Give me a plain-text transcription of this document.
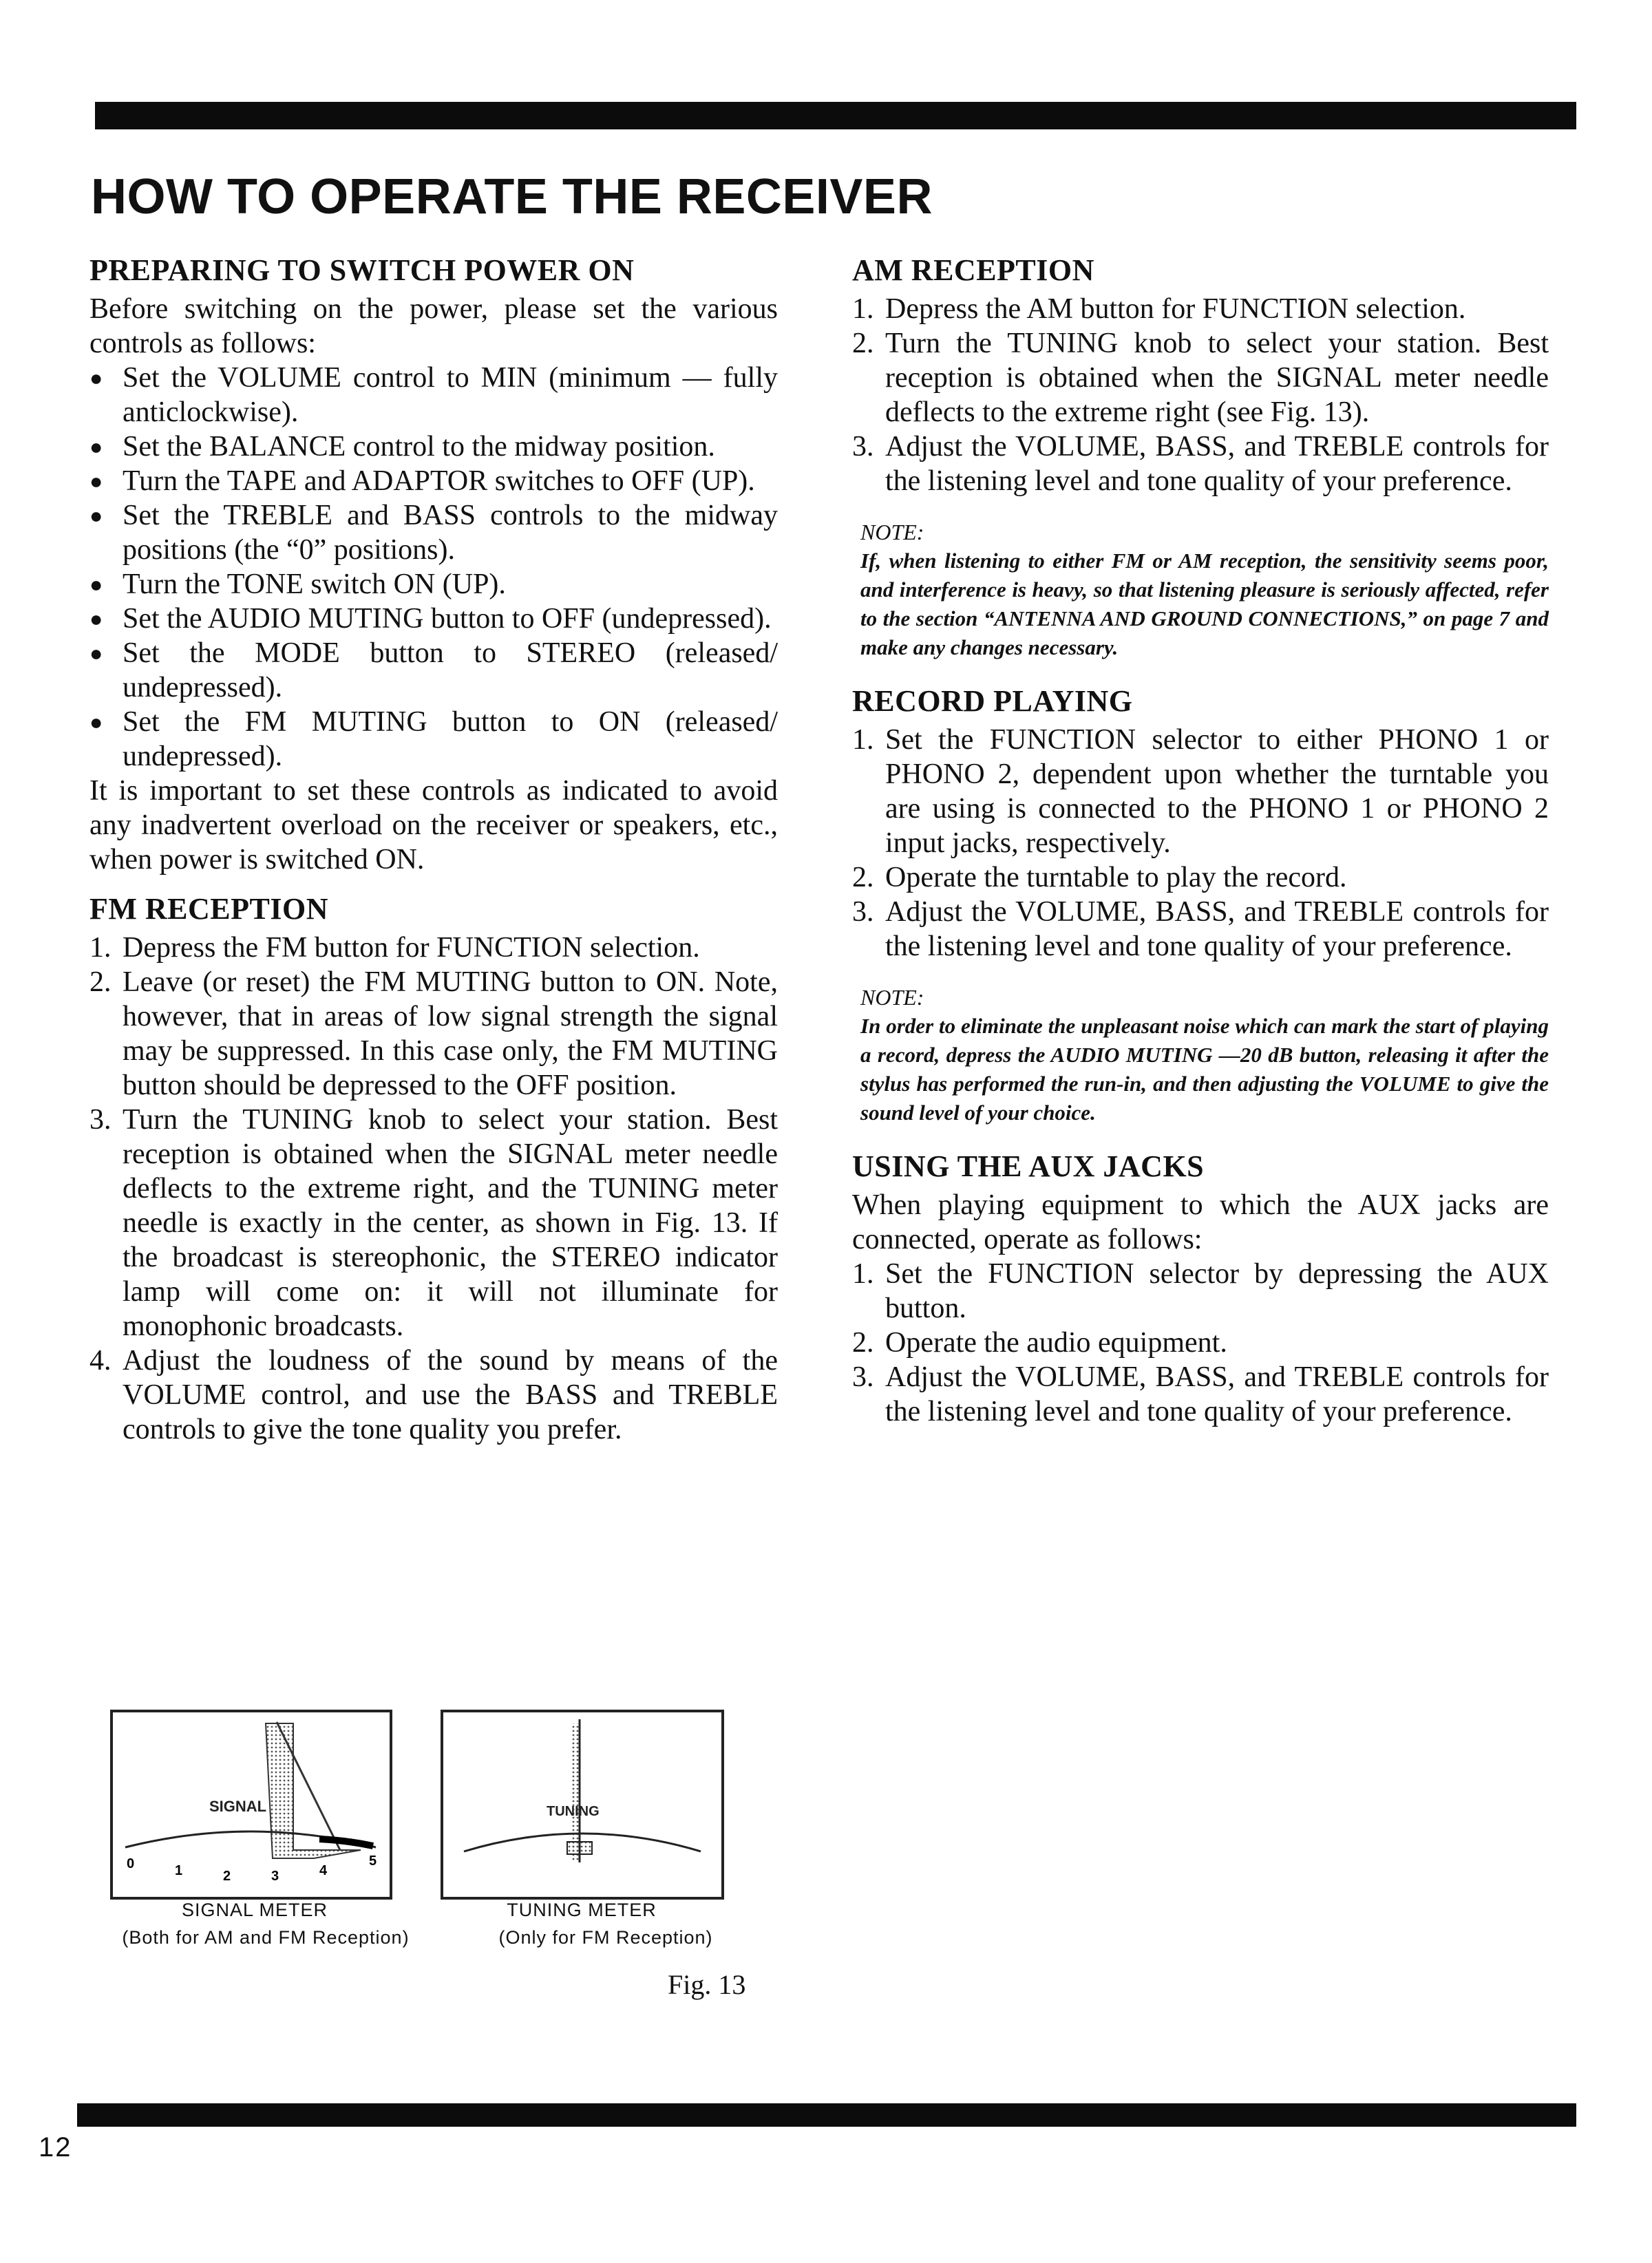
HOW TO OPERATE THE RECEIVER
PREPARING TO SWITCH POWER ON

Before switching on the power, please set the various controls as follows:

● Set the VOLUME control to MIN (minimum — fully anticlockwise).
● Set the BALANCE control to the midway position.
● Turn the TAPE and ADAPTOR switches to OFF (UP).
● Set the TREBLE and BASS controls to the midway positions (the “0” positions).
● Turn the TONE switch ON (UP).
● Set the AUDIO MUTING button to OFF (undepressed).
● Set the MODE button to STEREO (released/ undepressed).
● Set the FM MUTING button to ON (released/ undepressed).

It is important to set these controls as indicated to avoid any inadvertent overload on the receiver or speakers, etc., when power is switched ON.

FM RECEPTION
1. Depress the FM button for FUNCTION selection.
2. Leave (or reset) the FM MUTING button to ON. Note, however, that in areas of low signal strength the signal may be suppressed. In this case only, the FM MUTING button should be depressed to the OFF position.
3. Turn the TUNING knob to select your station. Best reception is obtained when the SIGNAL meter needle deflects to the extreme right, and the TUNING meter needle is exactly in the center, as shown in Fig. 13. If the broadcast is stereophonic, the STEREO indicator lamp will come on: it will not illuminate for monophonic broadcasts.
4. Adjust the loudness of the sound by means of the VOLUME control, and use the BASS and TREBLE controls to give the tone quality you prefer.
AM RECEPTION
1. Depress the AM button for FUNCTION selection.
2. Turn the TUNING knob to select your station. Best reception is obtained when the SIGNAL meter needle deflects to the extreme right (see Fig. 13).
3. Adjust the VOLUME, BASS, and TREBLE controls for the listening level and tone quality of your preference.

NOTE:

If, when listening to either FM or AM reception, the sensitivity seems poor, and interference is heavy, so that listening pleasure is seriously affected, refer to the section “ANTENNA AND GROUND CONNECTIONS,” on page 7 and make any changes necessary.

RECORD PLAYING
1. Set the FUNCTION selector to either PHONO 1 or PHONO 2, dependent upon whether the turntable you are using is connected to the PHONO 1 or PHONO 2 input jacks, respectively.
2. Operate the turntable to play the record.
3. Adjust the VOLUME, BASS, and TREBLE controls for the listening level and tone quality of your preference.

NOTE:

In order to eliminate the unpleasant noise which can mark the start of playing a record, depress the AUDIO MUTING —20 dB button, releasing it after the stylus has performed the run-in, and then adjusting the VOLUME to give the sound level of your choice.

USING THE AUX JACKS

When playing equipment to which the AUX jacks are connected, operate as follows:

1. Set the FUNCTION selector by depressing the AUX button.
2. Operate the audio equipment.
3. Adjust the VOLUME, BASS, and TREBLE controls for the listening level and tone quality of your preference.
SIGNAL
0	1	2	3	4
5
TUNING
SIGNAL METER
(Both for AM and FM Reception)
TUNING METER
(Only for FM Reception)
Fig. 13
12
